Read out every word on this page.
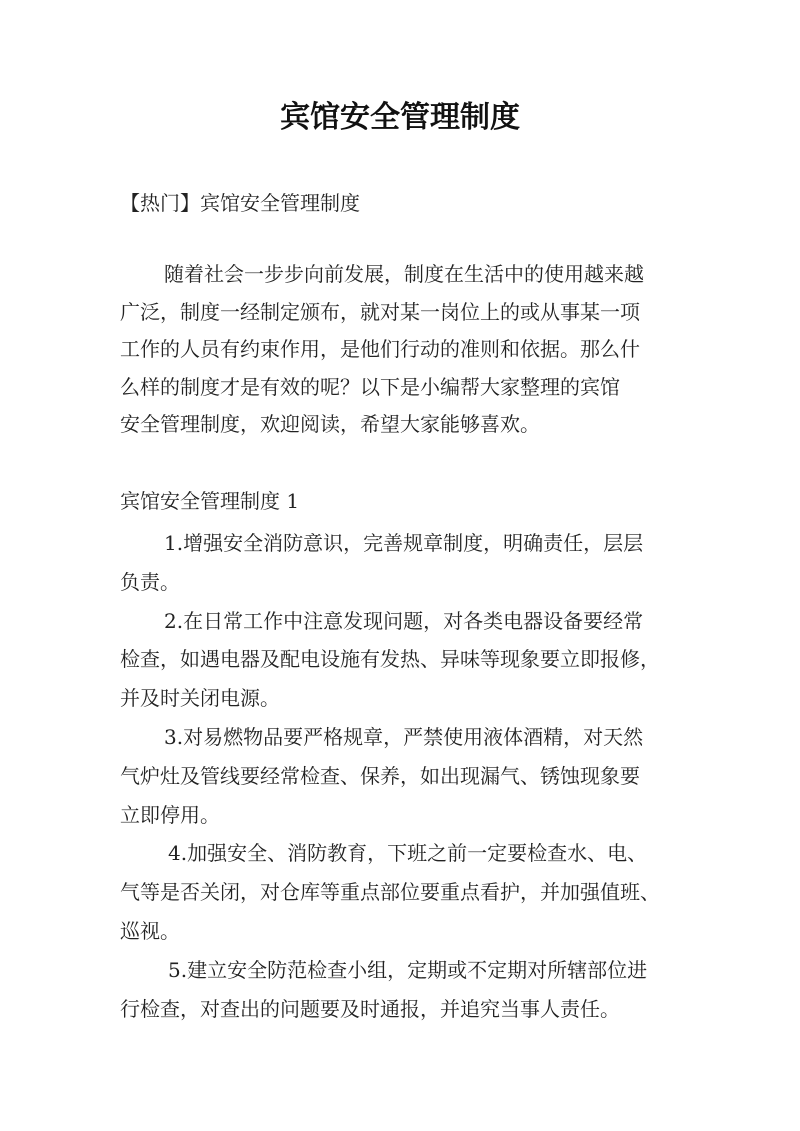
宾馆安全管理制度
【热门】宾馆安全管理制度
随着社会一步步向前发展，制度在生活中的使用越来越
广泛，制度一经制定颁布，就对某一岗位上的或从事某一项
工作的人员有约束作用，是他们行动的准则和依据。那么什
么样的制度才是有效的呢？以下是小编帮大家整理的宾馆
安全管理制度，欢迎阅读，希望大家能够喜欢。
宾馆安全管理制度 1
1.增强安全消防意识，完善规章制度，明确责任，层层
负责。
2.在日常工作中注意发现问题，对各类电器设备要经常
检查，如遇电器及配电设施有发热、异味等现象要立即报修，
并及时关闭电源。
3.对易燃物品要严格规章，严禁使用液体酒精，对天然
气炉灶及管线要经常检查、保养，如出现漏气、锈蚀现象要
立即停用。
4.加强安全、消防教育，下班之前一定要检查水、电、
气等是否关闭，对仓库等重点部位要重点看护，并加强值班、
巡视。
5.建立安全防范检查小组，定期或不定期对所辖部位进
行检查，对查出的问题要及时通报，并追究当事人责任。
